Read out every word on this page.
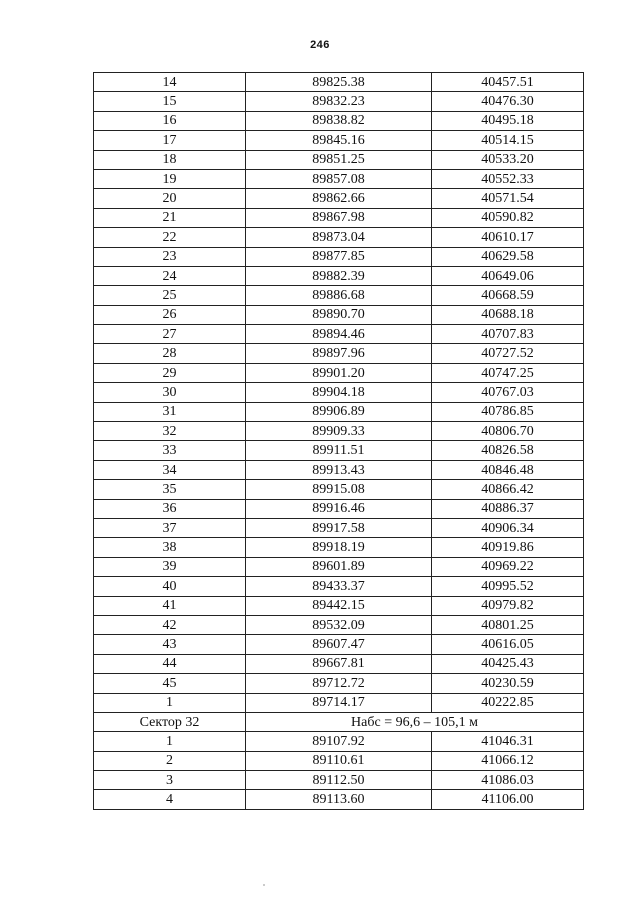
246
14	89825.38	40457.51
15	89832.23	40476.30
16	89838.82	40495.18
17	89845.16	40514.15
18	89851.25	40533.20
19	89857.08	40552.33
20	89862.66	40571.54
21	89867.98	40590.82
22	89873.04	40610.17
23	89877.85	40629.58
24	89882.39	40649.06
25	89886.68	40668.59
26	89890.70	40688.18
27	89894.46	40707.83
28	89897.96	40727.52
29	89901.20	40747.25
30	89904.18	40767.03
31	89906.89	40786.85
32	89909.33	40806.70
33	89911.51	40826.58
34	89913.43	40846.48
35	89915.08	40866.42
36	89916.46	40886.37
37	89917.58	40906.34
38	89918.19	40919.86
39	89601.89	40969.22
40	89433.37	40995.52
41	89442.15	40979.82
42	89532.09	40801.25
43	89607.47	40616.05
44	89667.81	40425.43
45	89712.72	40230.59
1	89714.17	40222.85
Сектор 32	Набс = 96,6 – 105,1 м	
1	89107.92	41046.31
2	89110.61	41066.12
3	89112.50	41086.03
4	89113.60	41106.00
